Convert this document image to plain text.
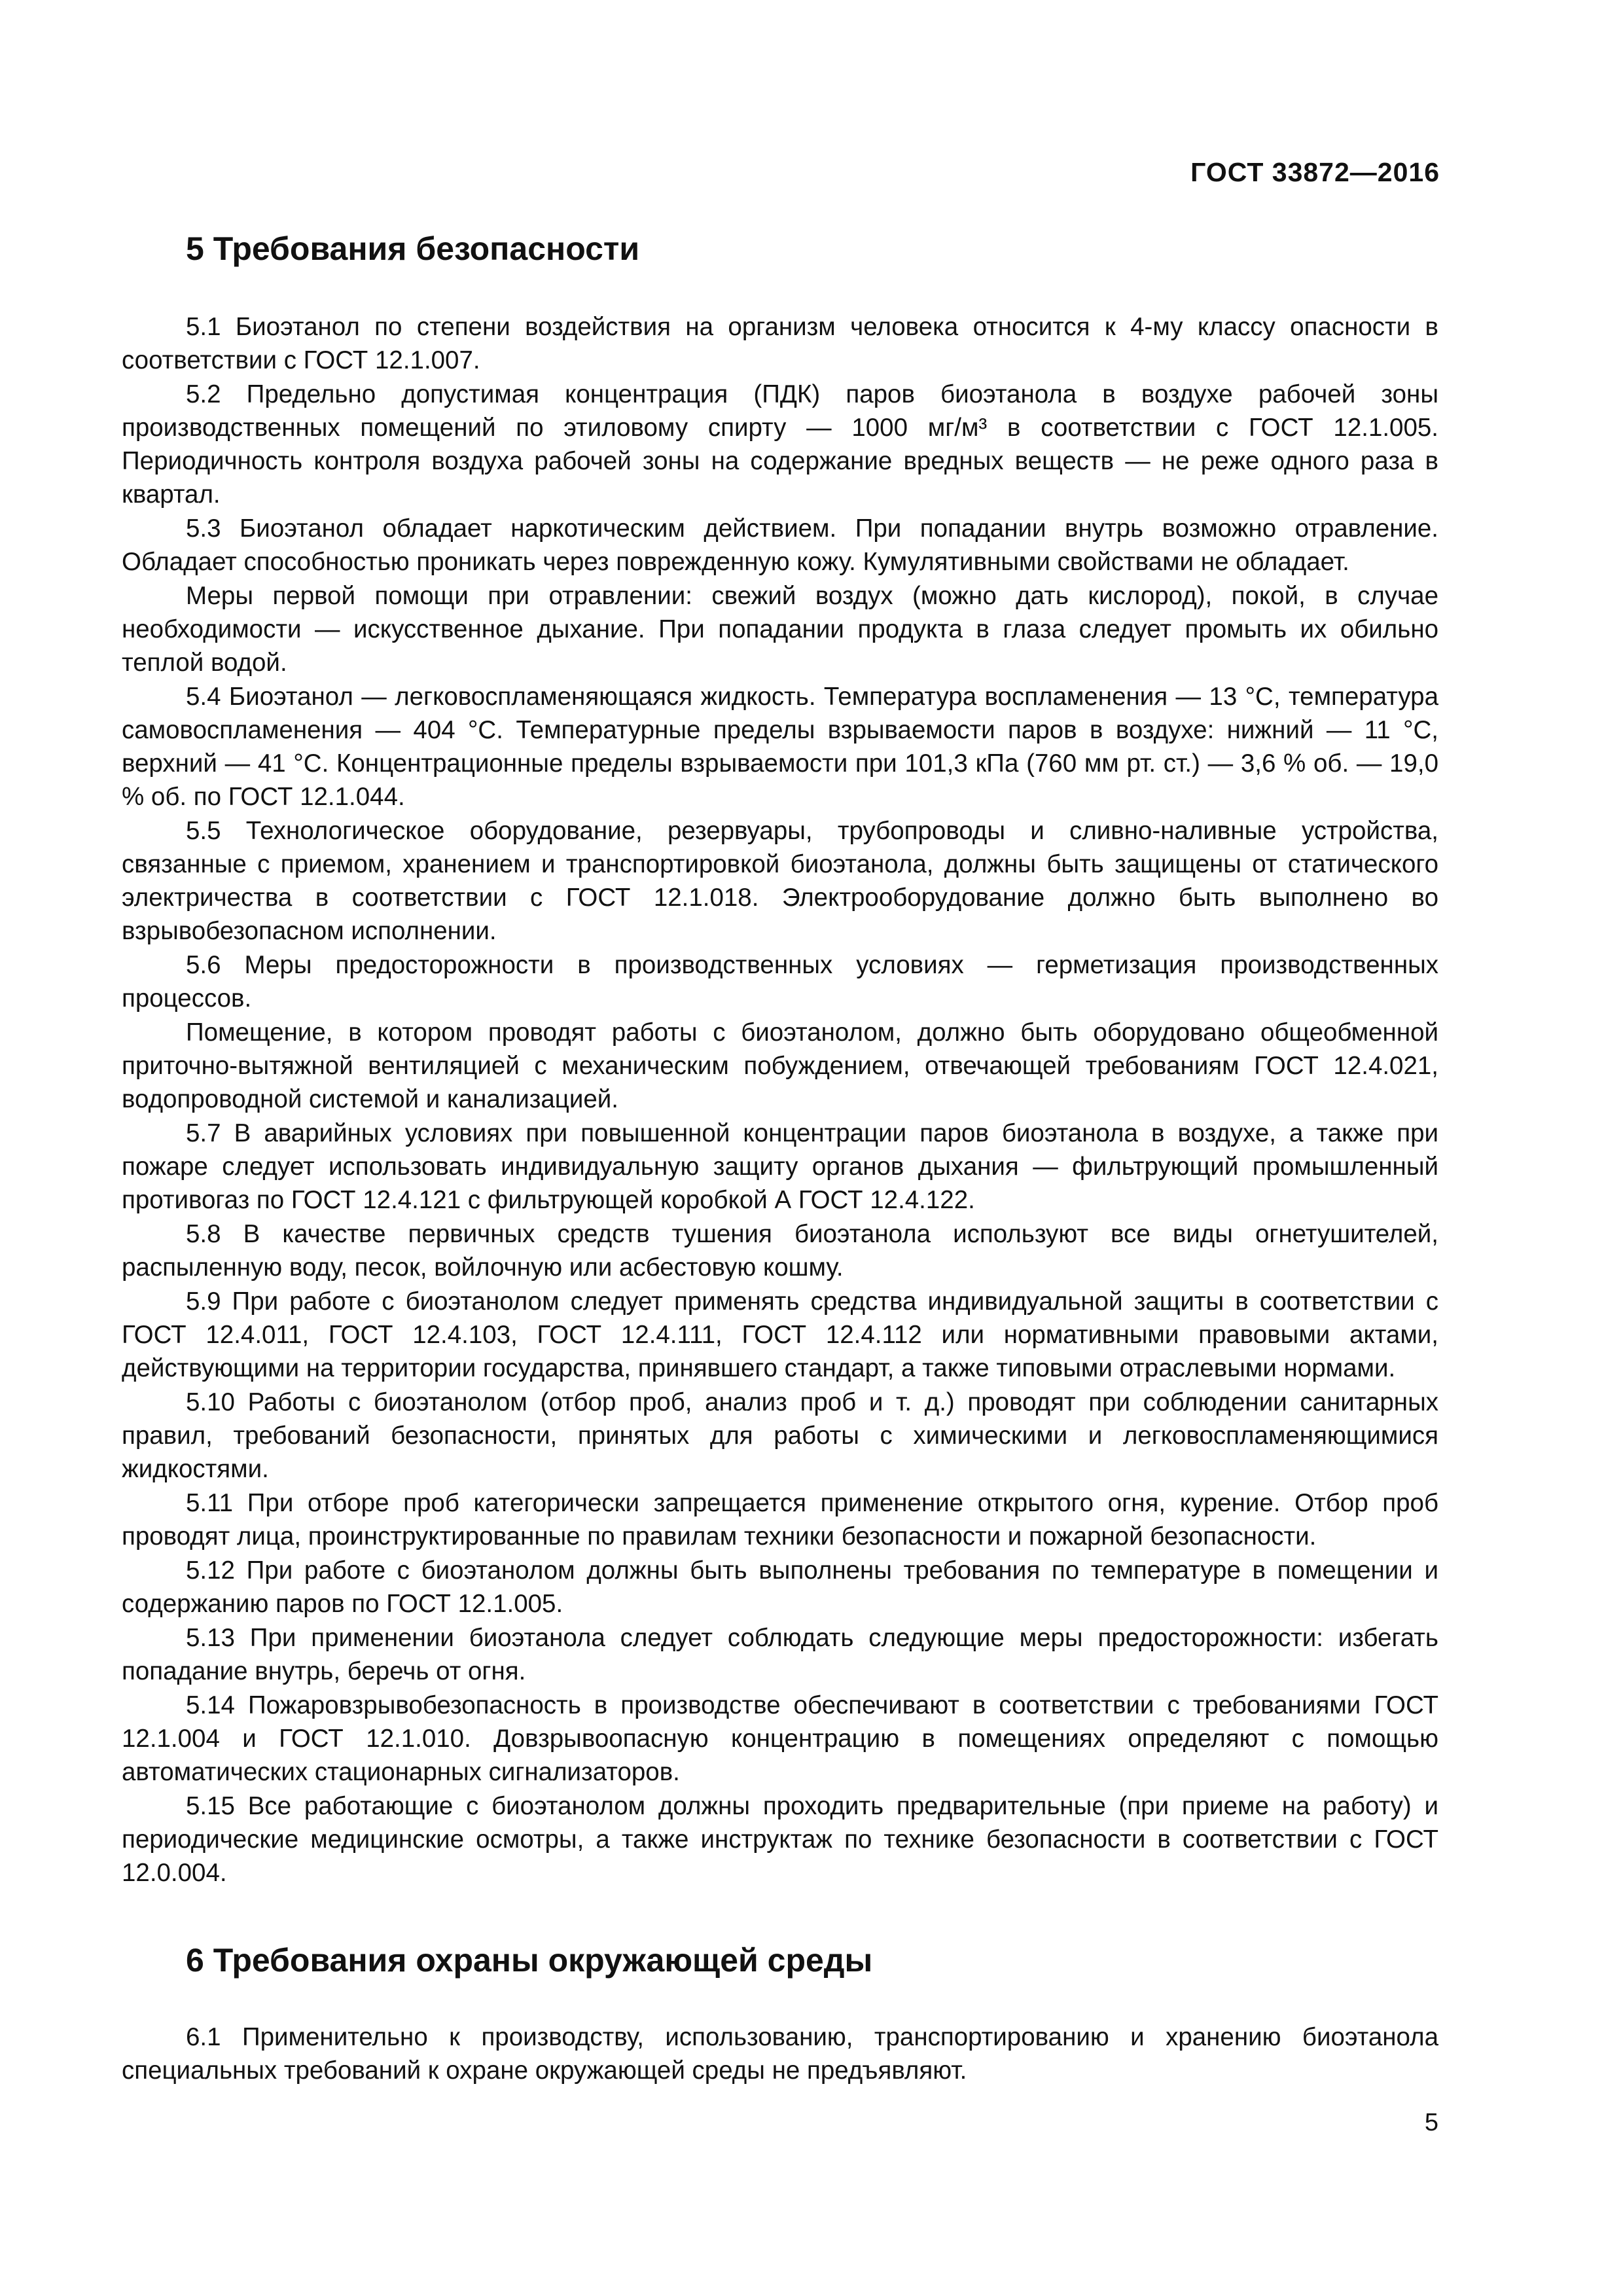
ГОСТ 33872—2016
5 Требования безопасности

5.1 Биоэтанол по степени воздействия на организм человека относится к 4-му классу опасности в соответствии с ГОСТ 12.1.007.

5.2 Предельно допустимая концентрация (ПДК) паров биоэтанола в воздухе рабочей зоны производственных помещений по этиловому спирту — 1000 мг/м³ в соответствии с ГОСТ 12.1.005. Периодичность контроля воздуха рабочей зоны на содержание вредных веществ — не реже одного раза в квартал.

5.3 Биоэтанол обладает наркотическим действием. При попадании внутрь возможно отравление. Обладает способностью проникать через поврежденную кожу. Кумулятивными свойствами не обладает.

Меры первой помощи при отравлении: свежий воздух (можно дать кислород), покой, в случае необходимости — искусственное дыхание. При попадании продукта в глаза следует промыть их обильно теплой водой.

5.4 Биоэтанол — легковоспламеняющаяся жидкость. Температура воспламенения — 13 °С, температура самовоспламенения — 404 °С. Температурные пределы взрываемости паров в воздухе: нижний — 11 °С, верхний — 41 °С. Концентрационные пределы взрываемости при 101,3 кПа (760 мм рт. ст.) — 3,6 % об. — 19,0 % об. по ГОСТ 12.1.044.

5.5 Технологическое оборудование, резервуары, трубопроводы и сливно-наливные устройства, связанные с приемом, хранением и транспортировкой биоэтанола, должны быть защищены от статического электричества в соответствии с ГОСТ 12.1.018. Электрооборудование должно быть выполнено во взрывобезопасном исполнении.

5.6 Меры предосторожности в производственных условиях — герметизация производственных процессов.

Помещение, в котором проводят работы с биоэтанолом, должно быть оборудовано общеобменной приточно-вытяжной вентиляцией с механическим побуждением, отвечающей требованиям ГОСТ 12.4.021, водопроводной системой и канализацией.

5.7 В аварийных условиях при повышенной концентрации паров биоэтанола в воздухе, а также при пожаре следует использовать индивидуальную защиту органов дыхания — фильтрующий промышленный противогаз по ГОСТ 12.4.121 с фильтрующей коробкой А ГОСТ 12.4.122.

5.8 В качестве первичных средств тушения биоэтанола используют все виды огнетушителей, распыленную воду, песок, войлочную или асбестовую кошму.

5.9 При работе с биоэтанолом следует применять средства индивидуальной защиты в соответствии с ГОСТ 12.4.011, ГОСТ 12.4.103, ГОСТ 12.4.111, ГОСТ 12.4.112 или нормативными правовыми актами, действующими на территории государства, принявшего стандарт, а также типовыми отраслевыми нормами.

5.10 Работы с биоэтанолом (отбор проб, анализ проб и т. д.) проводят при соблюдении санитарных правил, требований безопасности, принятых для работы с химическими и легковоспламеняющимися жидкостями.

5.11 При отборе проб категорически запрещается применение открытого огня, курение. Отбор проб проводят лица, проинструктированные по правилам техники безопасности и пожарной безопасности.

5.12 При работе с биоэтанолом должны быть выполнены требования по температуре в помещении и содержанию паров по ГОСТ 12.1.005.

5.13 При применении биоэтанола следует соблюдать следующие меры предосторожности: избегать попадание внутрь, беречь от огня.

5.14 Пожаровзрывобезопасность в производстве обеспечивают в соответствии с требованиями ГОСТ 12.1.004 и ГОСТ 12.1.010. Довзрывоопасную концентрацию в помещениях определяют с помощью автоматических стационарных сигнализаторов.

5.15 Все работающие с биоэтанолом должны проходить предварительные (при приеме на работу) и периодические медицинские осмотры, а также инструктаж по технике безопасности в соответствии с ГОСТ 12.0.004.

6 Требования охраны окружающей среды

6.1 Применительно к производству, использованию, транспортированию и хранению биоэтанола специальных требований к охране окружающей среды не предъявляют.

5
